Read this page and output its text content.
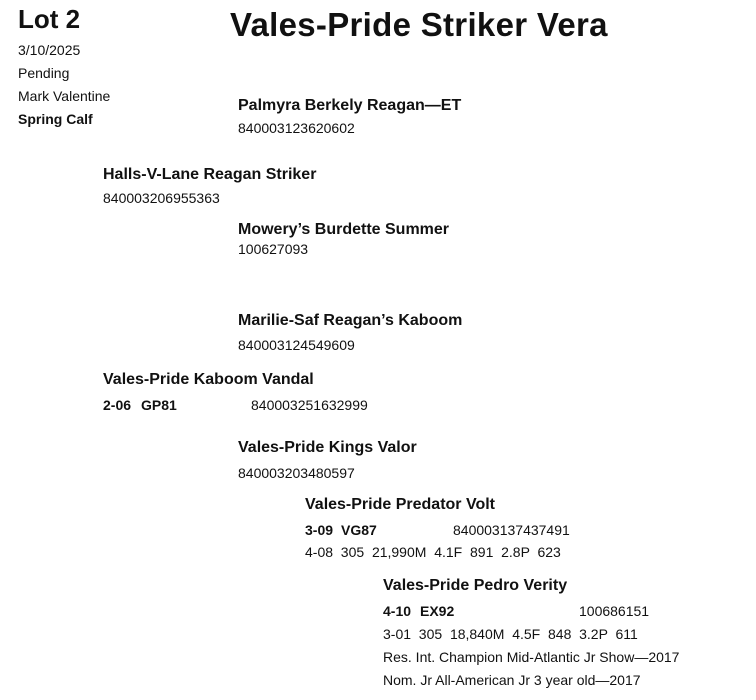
Lot 2
3/10/2025
Pending
Mark Valentine
Spring Calf
Vales-Pride Striker Vera
Palmyra Berkely Reagan—ET
840003123620602
Halls-V-Lane Reagan Striker
840003206955363
Mowery’s Burdette Summer
100627093
Marilie-Saf Reagan’s Kaboom
840003124549609
Vales-Pride Kaboom Vandal
2-06 GP81	840003251632999
Vales-Pride Kings Valor
840003203480597
Vales-Pride Predator Volt
3-09 VG87	840003137437491
4-08  305  21,990M  4.1F  891  2.8P  623
Vales-Pride Pedro Verity
4-10 EX92	100686151
3-01  305  18,840M  4.5F  848  3.2P  611
Res. Int. Champion Mid-Atlantic Jr Show—2017
Nom. Jr All-American Jr 3 year old—2017
